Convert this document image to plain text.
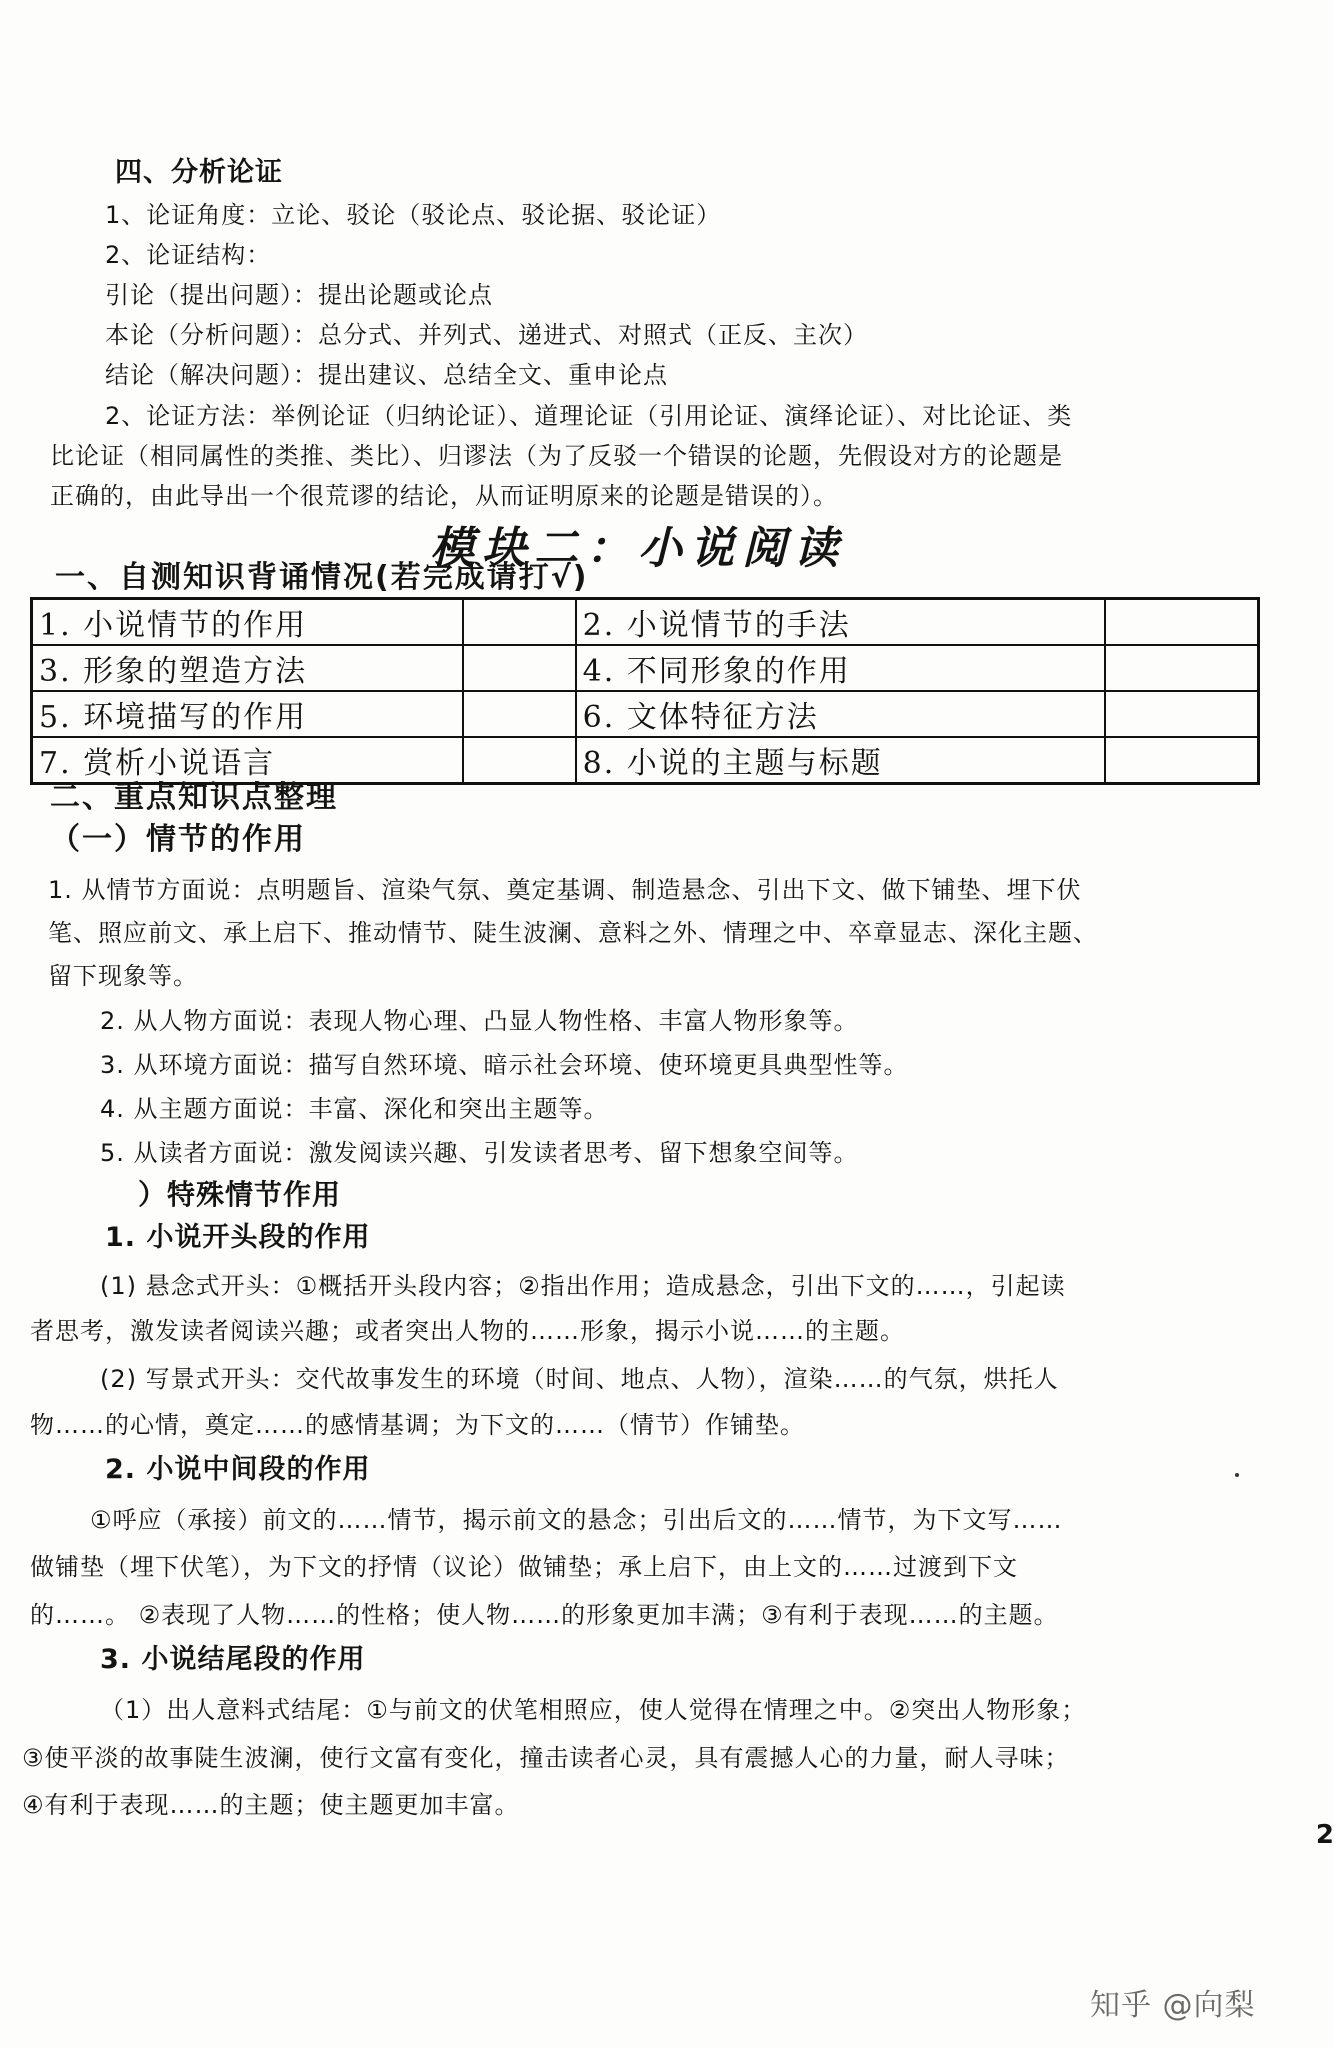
四、分析论证
1、论证角度：立论、驳论（驳论点、驳论据、驳论证）
2、论证结构：
引论（提出问题）：提出论题或论点
本论（分析问题）：总分式、并列式、递进式、对照式（正反、主次）
结论（解决问题）：提出建议、总结全文、重申论点
2、论证方法：举例论证（归纳论证）、道理论证（引用论证、演绎论证）、对比论证、类
比论证（相同属性的类推、类比）、归谬法（为了反驳一个错误的论题，先假设对方的论题是
正确的，由此导出一个很荒谬的结论，从而证明原来的论题是错误的）。
模块二：小说阅读
一、自测知识背诵情况(若完成请打√)
1. 小说情节的作用		2. 小说情节的手法	
3. 形象的塑造方法		4. 不同形象的作用	
5. 环境描写的作用		6. 文体特征方法	
7. 赏析小说语言		8. 小说的主题与标题	
二、重点知识点整理
（一）情节的作用
1. 从情节方面说：点明题旨、渲染气氛、奠定基调、制造悬念、引出下文、做下铺垫、埋下伏
笔、照应前文、承上启下、推动情节、陡生波澜、意料之外、情理之中、卒章显志、深化主题、
留下现象等。
2. 从人物方面说：表现人物心理、凸显人物性格、丰富人物形象等。
3. 从环境方面说：描写自然环境、暗示社会环境、使环境更具典型性等。
4. 从主题方面说：丰富、深化和突出主题等。
5. 从读者方面说：激发阅读兴趣、引发读者思考、留下想象空间等。
）特殊情节作用
1. 小说开头段的作用
(1) 悬念式开头：①概括开头段内容；②指出作用；造成悬念，引出下文的……，引起读
者思考，激发读者阅读兴趣；或者突出人物的……形象，揭示小说……的主题。
(2) 写景式开头：交代故事发生的环境（时间、地点、人物），渲染……的气氛，烘托人
物……的心情，奠定……的感情基调；为下文的……（情节）作铺垫。
2. 小说中间段的作用
①呼应（承接）前文的……情节，揭示前文的悬念；引出后文的……情节，为下文写……
做铺垫（埋下伏笔），为下文的抒情（议论）做铺垫；承上启下，由上文的……过渡到下文
的……。 ②表现了人物……的性格；使人物……的形象更加丰满；③有利于表现……的主题。
3. 小说结尾段的作用
（1）出人意料式结尾：①与前文的伏笔相照应，使人觉得在情理之中。②突出人物形象；
③使平淡的故事陡生波澜，使行文富有变化，撞击读者心灵，具有震撼人心的力量，耐人寻味；
④有利于表现……的主题；使主题更加丰富。
2
知乎 @向梨
